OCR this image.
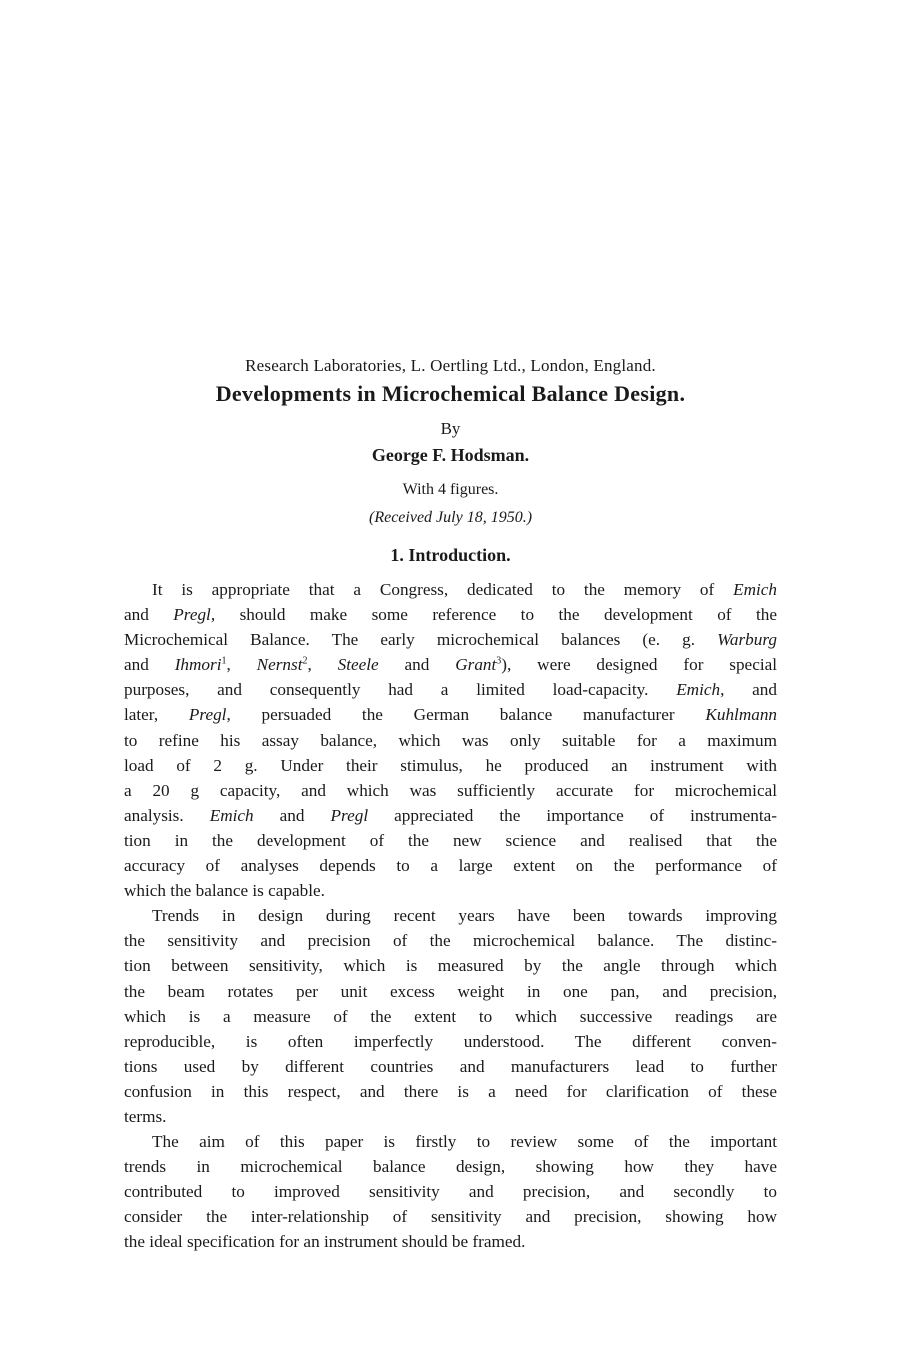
Research Laboratories, L. Oertling Ltd., London, England.
Developments in Microchemical Balance Design.
By
George F. Hodsman.
With 4 figures.
(Received July 18, 1950.)
1. Introduction.
It is appropriate that a Congress, dedicated to the memory of Emich
and Pregl, should make some reference to the development of the
Microchemical Balance. The early microchemical balances (e. g. Warburg
and Ihmori$^1$, Nernst$^2$, Steele and Grant$^3$), were designed for special
purposes, and consequently had a limited load-capacity. Emich, and
later, Pregl, persuaded the German balance manufacturer Kuhlmann
to refine his assay balance, which was only suitable for a maximum
load of 2 g. Under their stimulus, he produced an instrument with
a 20 g capacity, and which was sufficiently accurate for microchemical
analysis. Emich and Pregl appreciated the importance of instrumenta-
tion in the development of the new science and realised that the
accuracy of analyses depends to a large extent on the performance of
which the balance is capable.
Trends in design during recent years have been towards improving
the sensitivity and precision of the microchemical balance. The distinc-
tion between sensitivity, which is measured by the angle through which
the beam rotates per unit excess weight in one pan, and precision,
which is a measure of the extent to which successive readings are
reproducible, is often imperfectly understood. The different conven-
tions used by different countries and manufacturers lead to further
confusion in this respect, and there is a need for clarification of these
terms.
The aim of this paper is firstly to review some of the important
trends in microchemical balance design, showing how they have
contributed to improved sensitivity and precision, and secondly to
consider the inter-relationship of sensitivity and precision, showing how
the ideal specification for an instrument should be framed.
